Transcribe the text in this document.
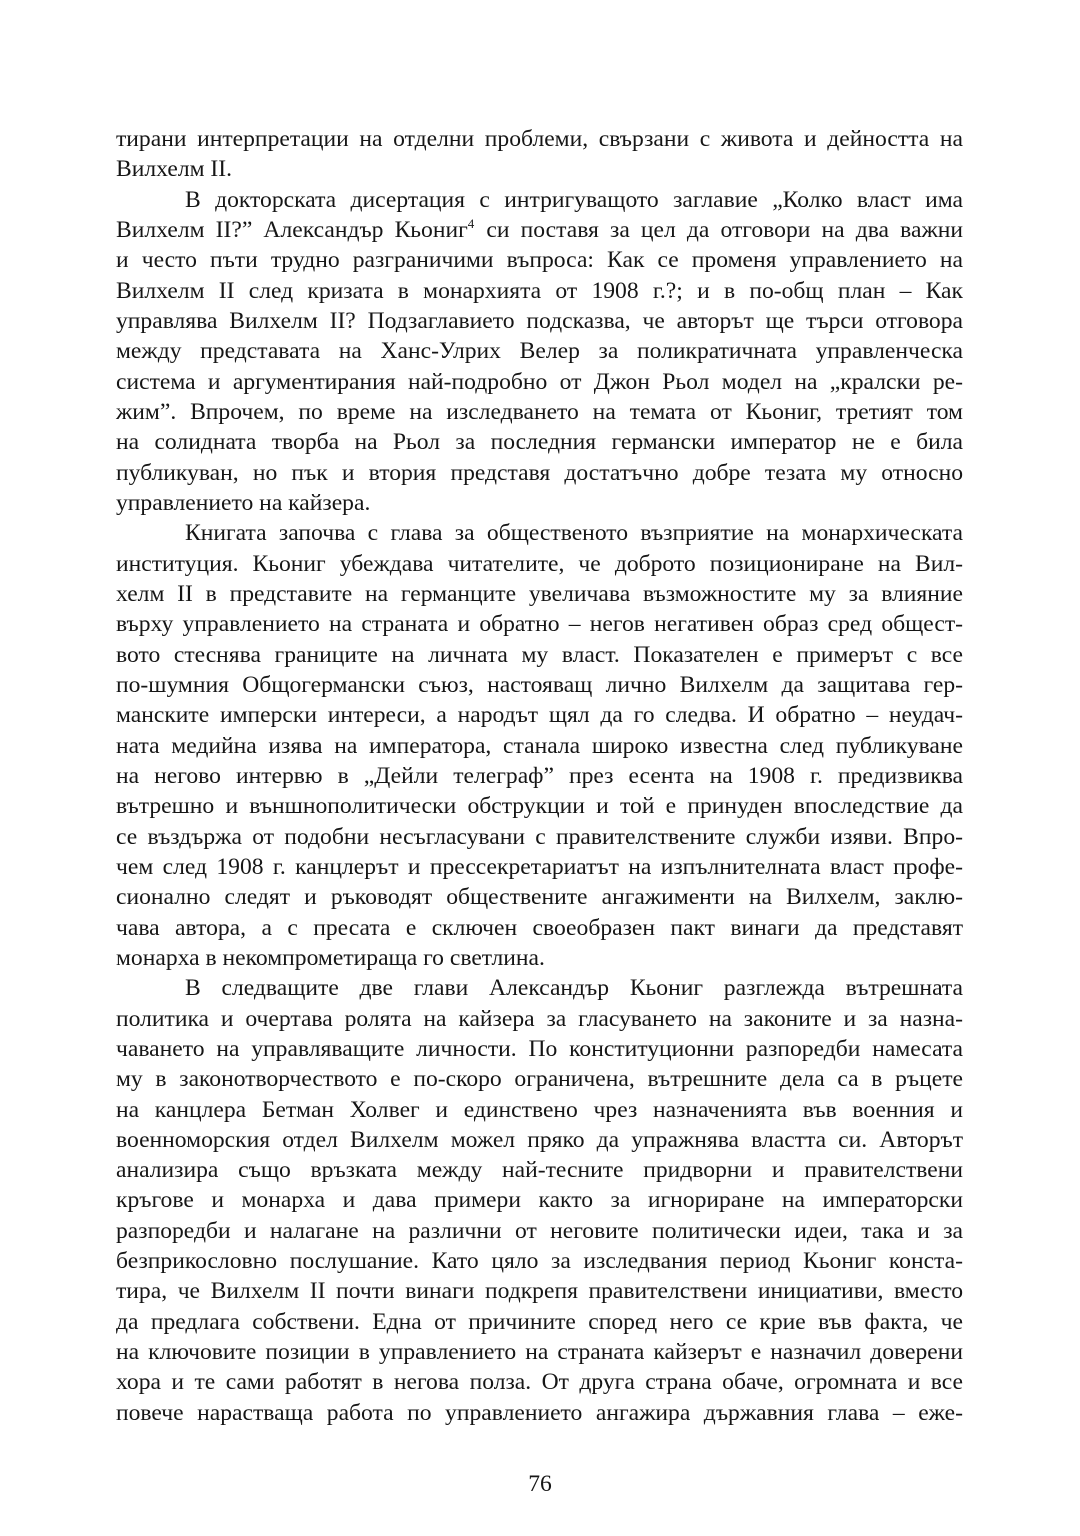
тирани интерпретации на отделни проблеми, свързани с живота и дейността на
Вилхелм II.
В докторската дисертация с интригуващото заглавие „Колко власт има
Вилхелм II?” Александър Кьониг$^4$ си поставя за цел да отговори на два важни
и често пъти трудно разграничими въпроса: Как се променя управлението на
Вилхелм II след кризата в монархията от 1908 г.?; и в по-общ план – Как
управлява Вилхелм II? Подзаглавието подсказва, че авторът ще търси отговора
между представата на Ханс-Улрих Велер за поликратичната управленческа
система и аргументирания най-подробно от Джон Рьол модел на „кралски ре-
жим”. Впрочем, по време на изследването на темата от Кьониг, третият том
на солидната творба на Рьол за последния германски император не е била
публикуван, но пък и втория представя достатъчно добре тезата му относно
управлението на кайзера.
Книгата започва с глава за общественото възприятие на монархическата
институция. Кьониг убеждава читателите, че доброто позициониране на Вил-
хелм II в представите на германците увеличава възможностите му за влияние
върху управлението на страната и обратно – негов негативен образ сред общест-
вото стеснява границите на личната му власт. Показателен е примерът с все
по-шумния Общогермански съюз, настояващ лично Вилхелм да защитава гер-
манските имперски интереси, а народът щял да го следва. И обратно – неудач-
ната медийна изява на императора, станала широко известна след публикуване
на негово интервю в „Дейли телеграф” през есента на 1908 г. предизвиква
вътрешно и външнополитически обструкции и той е принуден впоследствие да
се въздържа от подобни несъгласувани с правителствените служби изяви. Впро-
чем след 1908 г. канцлерът и прессекретариатът на изпълнителната власт профе-
сионално следят и ръководят обществените ангажименти на Вилхелм, заклю-
чава автора, а с пресата е сключен своеобразен пакт винаги да представят
монарха в некомпрометираща го светлина.
В следващите две глави Александър Кьониг разглежда вътрешната
политика и очертава ролята на кайзера за гласуването на законите и за назна-
чаването на управляващите личности. По конституционни разпоредби намесата
му в законотворчеството е по-скоро ограничена, вътрешните дела са в ръцете
на канцлера Бетман Холвег и единствено чрез назначенията във военния и
военноморския отдел Вилхелм можел пряко да упражнява властта си. Авторът
анализира също връзката между най-тесните придворни и правителствени
кръгове и монарха и дава примери както за игнориране на императорски
разпоредби и налагане на различни от неговите политически идеи, така и за
безприкословно послушание. Като цяло за изследвания период Кьониг конста-
тира, че Вилхелм II почти винаги подкрепя правителствени инициативи, вместо
да предлага собствени. Една от причините според него се крие във факта, че
на ключовите позиции в управлението на страната кайзерът е назначил доверени
хора и те сами работят в негова полза. От друга страна обаче, огромната и все
повече нарастваща работа по управлението ангажира държавния глава – еже-
76
